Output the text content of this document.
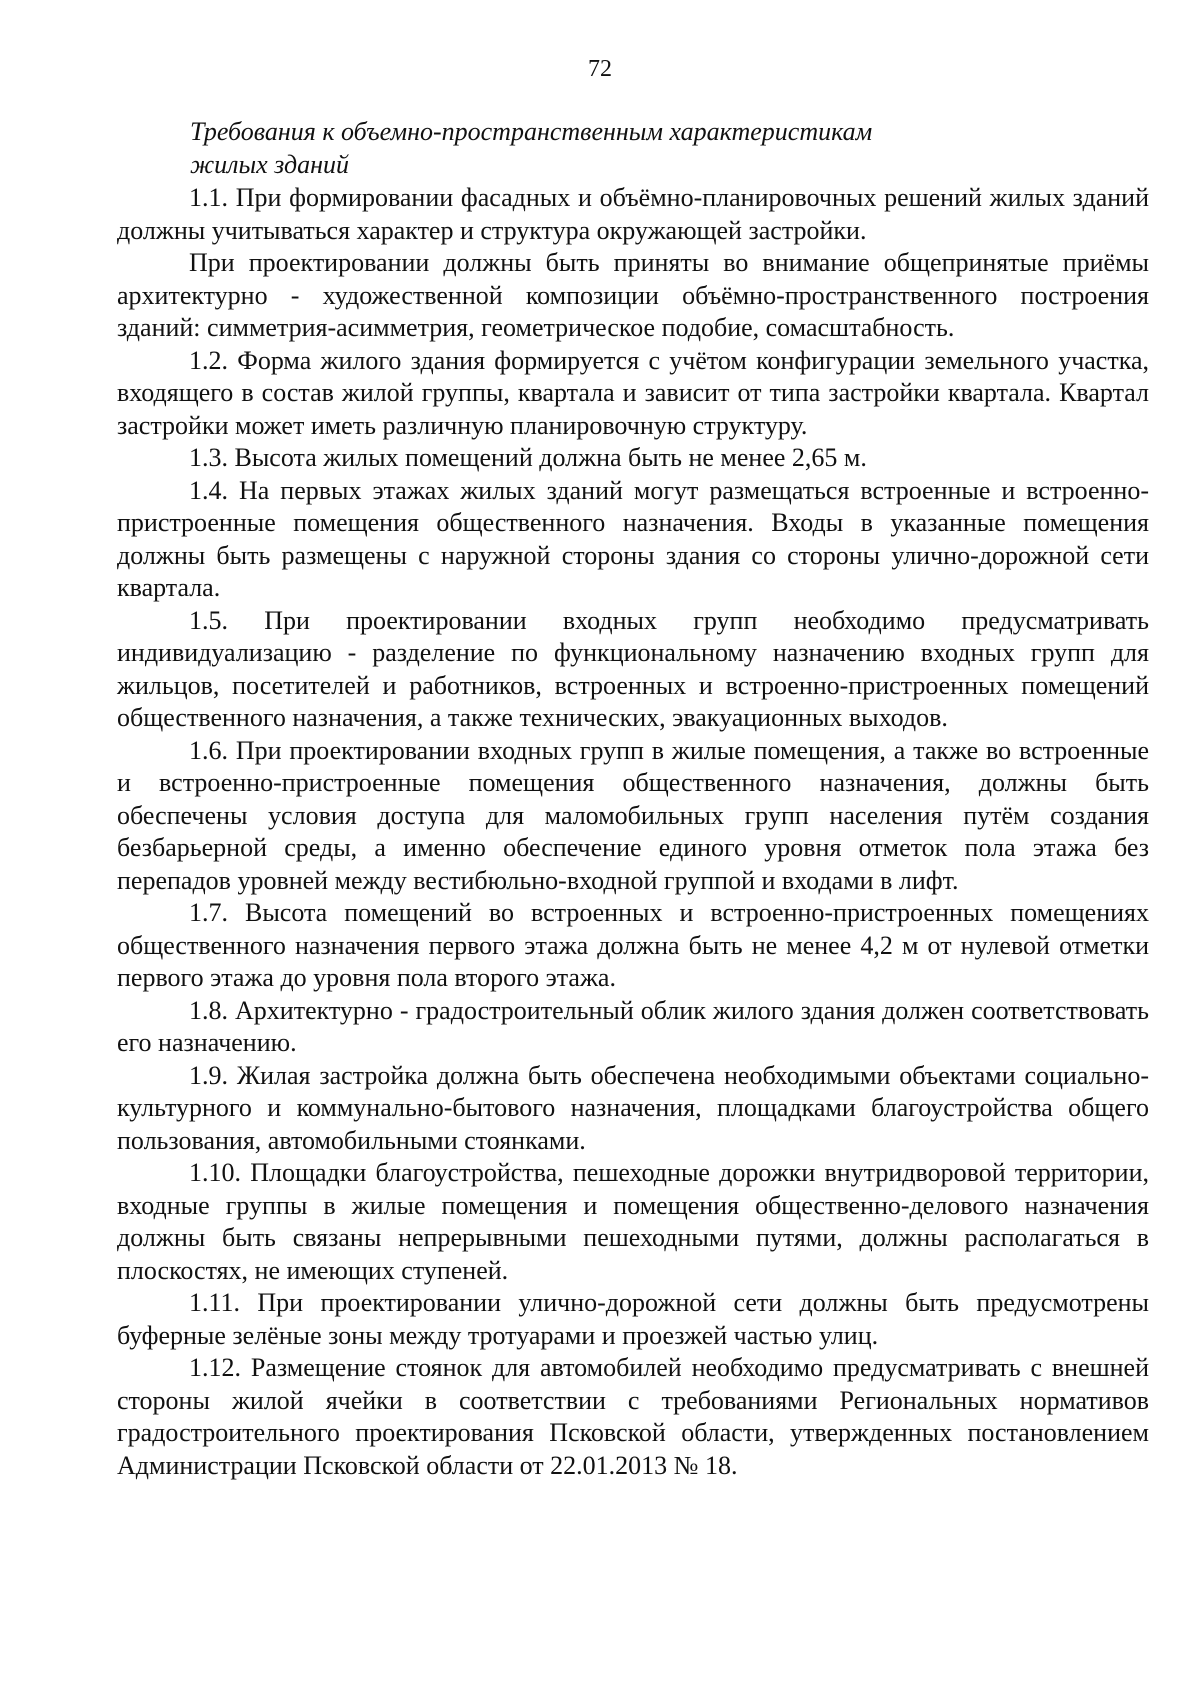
72
Требования к объемно-пространственным характеристикам
жилых зданий

1.1. При формировании фасадных и объёмно-планировочных решений жилых зданий должны учитываться характер и структура окружающей застройки.

При проектировании должны быть приняты во внимание общепринятые приёмы архитектурно - художественной композиции объёмно-пространственного построения зданий: симметрия-асимметрия, геометрическое подобие, сомасштабность.

1.2. Форма жилого здания формируется с учётом конфигурации земельного участка, входящего в состав жилой группы, квартала и зависит от типа застройки квартала. Квартал застройки может иметь различную планировочную структуру.

1.3. Высота жилых помещений должна быть не менее 2,65 м.

1.4. На первых этажах жилых зданий могут размещаться встроенные и встроенно-пристроенные помещения общественного назначения. Входы в указанные помещения должны быть размещены с наружной стороны здания со стороны улично-дорожной сети квартала.

1.5. При проектировании входных групп необходимо предусматривать индивидуализацию - разделение по функциональному назначению входных групп для жильцов, посетителей и работников, встроенных и встроенно-пристроенных помещений общественного назначения, а также технических, эвакуационных выходов.

1.6. При проектировании входных групп в жилые помещения, а также во встроенные и встроенно-пристроенные помещения общественного назначения, должны быть обеспечены условия доступа для маломобильных групп населения путём создания безбарьерной среды, а именно обеспечение единого уровня отметок пола этажа без перепадов уровней между вестибюльно-входной группой и входами в лифт.

1.7. Высота помещений во встроенных и встроенно-пристроенных помещениях общественного назначения первого этажа должна быть не менее 4,2 м от нулевой отметки первого этажа до уровня пола второго этажа.

1.8. Архитектурно - градостроительный облик жилого здания должен соответствовать его назначению.

1.9. Жилая застройка должна быть обеспечена необходимыми объектами социально-культурного и коммунально-бытового назначения, площадками благоустройства общего пользования, автомобильными стоянками.

1.10. Площадки благоустройства, пешеходные дорожки внутридворовой территории, входные группы в жилые помещения и помещения общественно-делового назначения должны быть связаны непрерывными пешеходными путями, должны располагаться в плоскостях, не имеющих ступеней.

1.11. При проектировании улично-дорожной сети должны быть предусмотрены буферные зелёные зоны между тротуарами и проезжей частью улиц.

1.12. Размещение стоянок для автомобилей необходимо предусматривать с внешней стороны жилой ячейки в соответствии с требованиями Региональных нормативов градостроительного проектирования Псковской области, утвержденных постановлением Администрации Псковской области от 22.01.2013 № 18.
